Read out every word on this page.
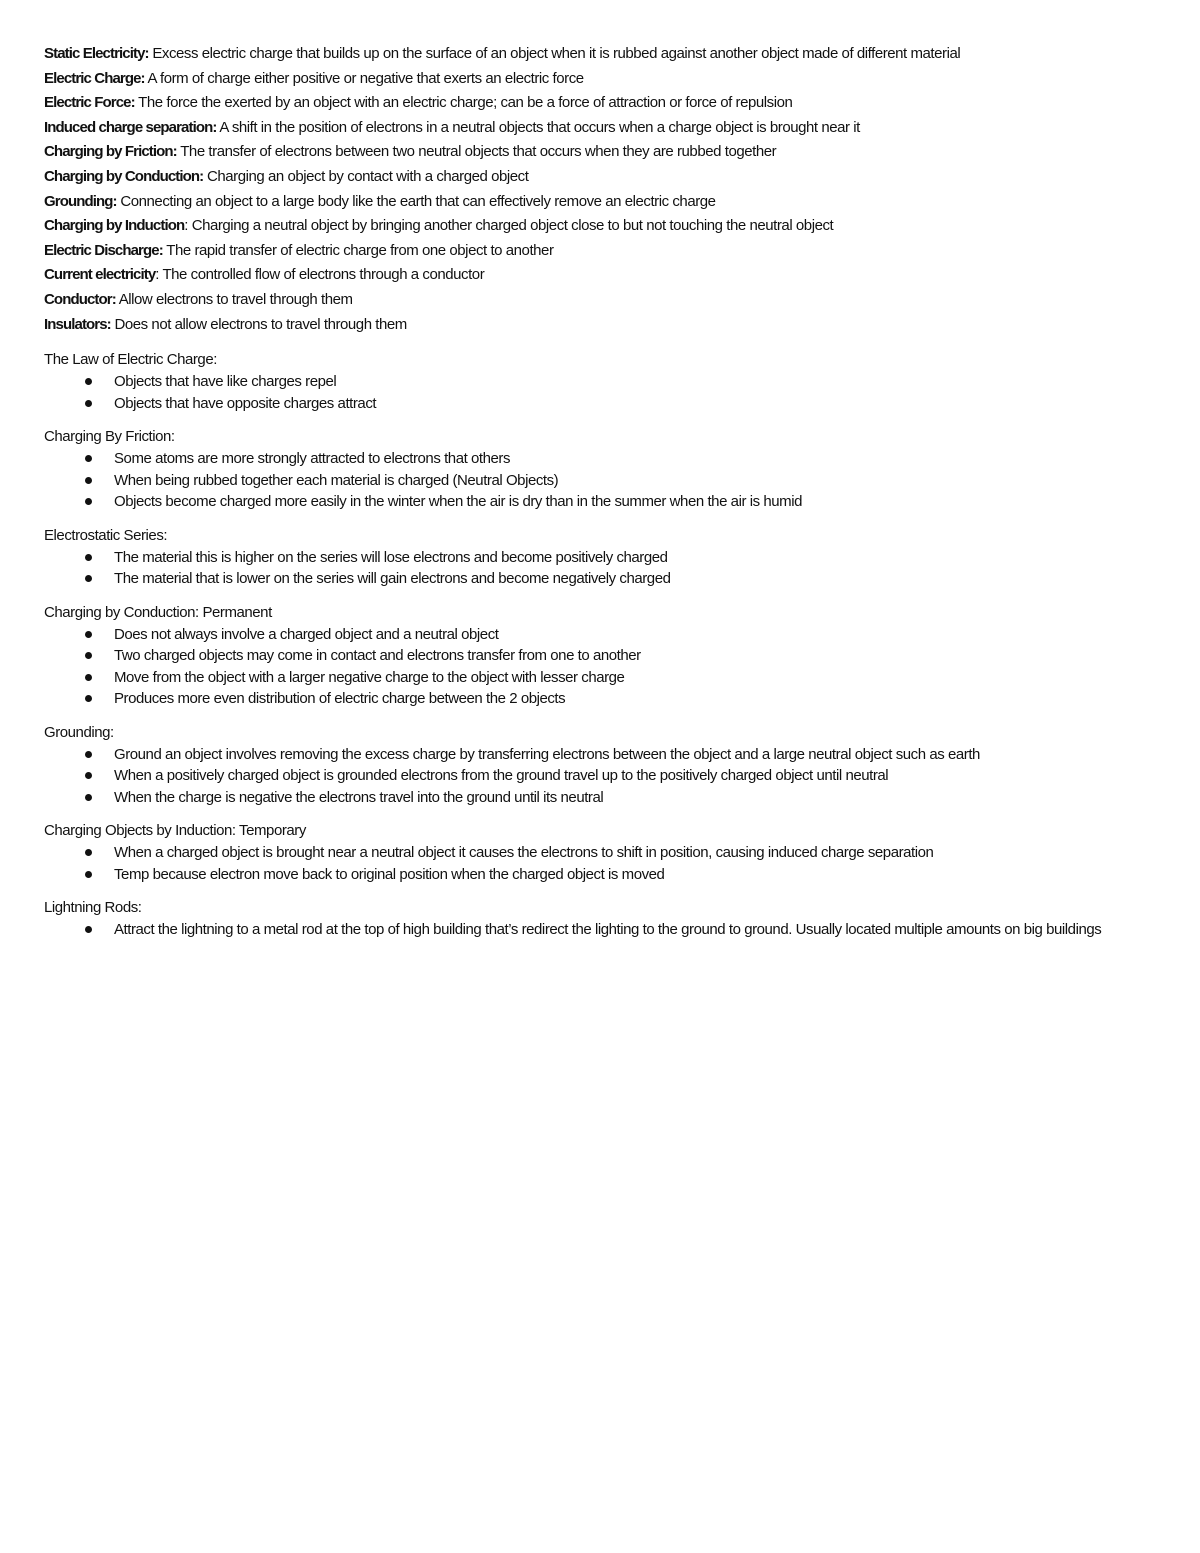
Static Electricity: Excess electric charge that builds up on the surface of an object when it is rubbed against another object made of different material

Electric Charge: A form of charge either positive or negative that exerts an electric force

Electric Force: The force the exerted by an object with an electric charge; can be a force of attraction or force of repulsion

Induced charge separation: A shift in the position of electrons in a neutral objects that occurs when a charge object is brought near it

Charging by Friction: The transfer of electrons between two neutral objects that occurs when they are rubbed together

Charging by Conduction: Charging an object by contact with a charged object

Grounding: Connecting an object to a large body like the earth that can effectively remove an electric charge

Charging by Induction: Charging a neutral object by bringing another charged object close to but not touching the neutral object

Electric Discharge: The rapid transfer of electric charge from one object to another

Current electricity: The controlled flow of electrons through a conductor

Conductor: Allow electrons to travel through them

Insulators: Does not allow electrons to travel through them

The Law of Electric Charge:

Objects that have like charges repel
Objects that have opposite charges attract

Charging By Friction:

Some atoms are more strongly attracted to electrons that others
When being rubbed together each material is charged (Neutral Objects)
Objects become charged more easily in the winter when the air is dry than in the summer when the air is humid

Electrostatic Series:

The material this is higher on the series will lose electrons and become positively charged
The material that is lower on the series will gain electrons and become negatively charged

Charging by Conduction: Permanent

Does not always involve a charged object and a neutral object
Two charged objects may come in contact and electrons transfer from one to another
Move from the object with a larger negative charge to the object with lesser charge
Produces more even distribution of electric charge between the 2 objects

Grounding:

Ground an object involves removing the excess charge by transferring electrons between the object and a large neutral object such as earth
When a positively charged object is grounded electrons from the ground travel up to the positively charged object until neutral
When the charge is negative the electrons travel into the ground until its neutral

Charging Objects by Induction: Temporary

When a charged object is brought near a neutral object it causes the electrons to shift in position, causing induced charge separation
Temp because electron move back to original position when the charged object is moved

Lightning Rods:

Attract the lightning to a metal rod at the top of high building that’s redirect the lighting to the ground to ground. Usually located multiple amounts on big buildings
